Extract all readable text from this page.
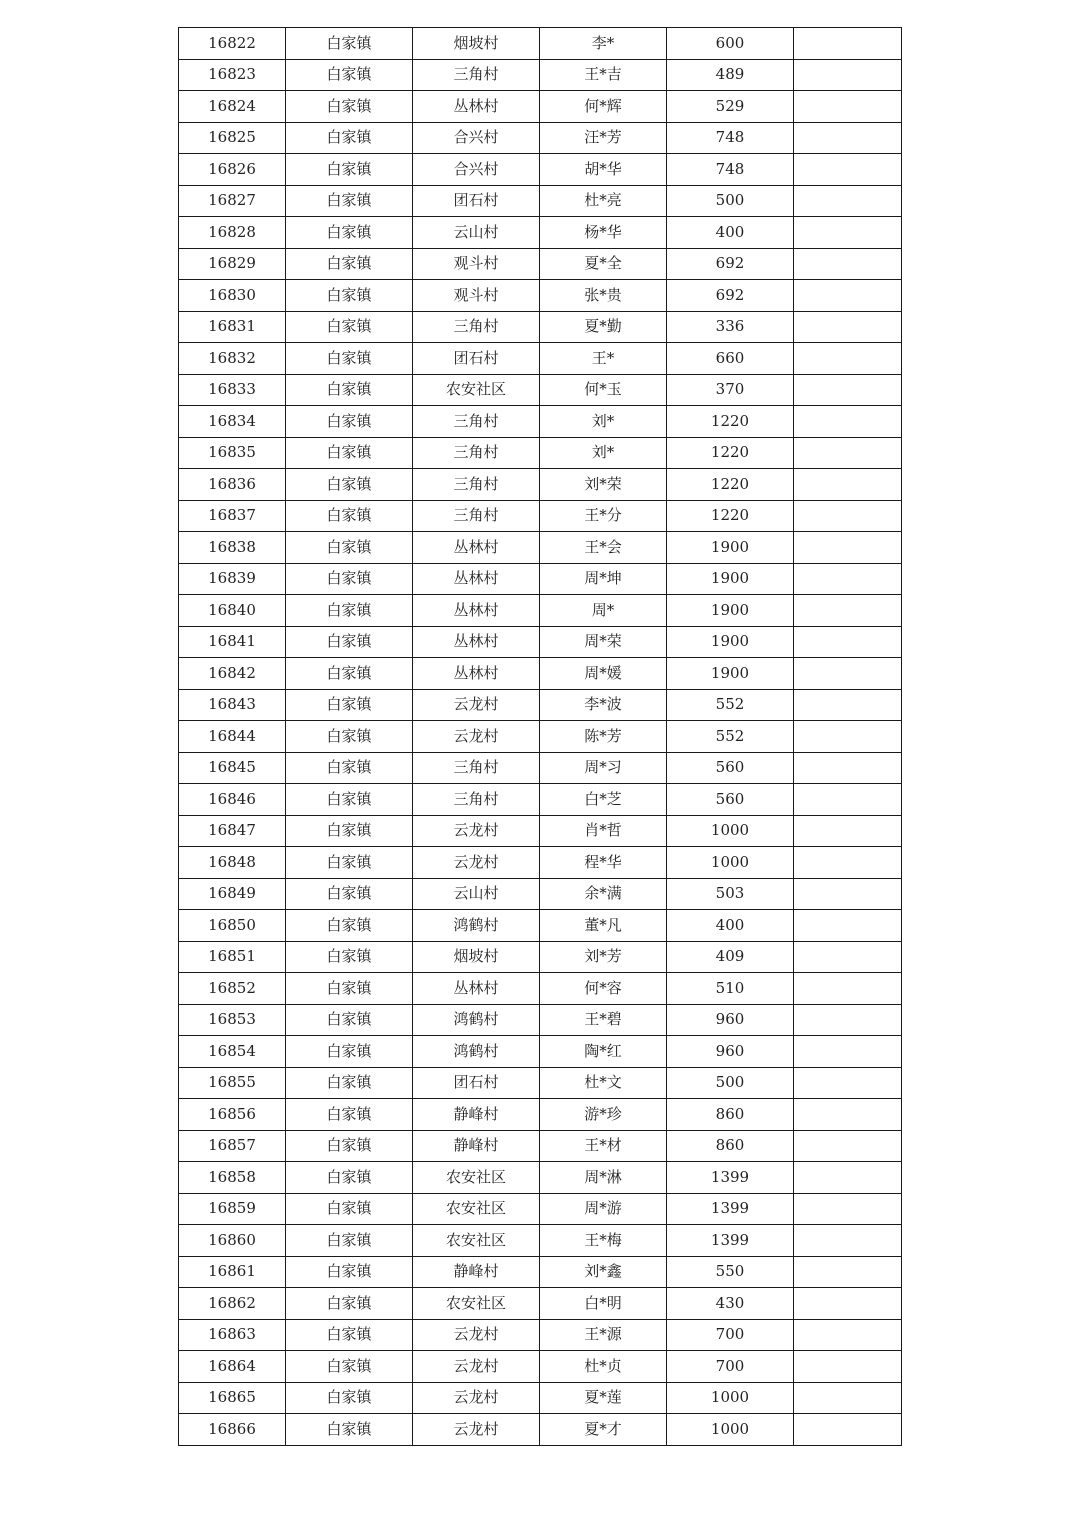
16822	白家镇	烟坡村	李*	600	
16823	白家镇	三角村	王*吉	489	
16824	白家镇	丛林村	何*辉	529	
16825	白家镇	合兴村	汪*芳	748	
16826	白家镇	合兴村	胡*华	748	
16827	白家镇	团石村	杜*亮	500	
16828	白家镇	云山村	杨*华	400	
16829	白家镇	观斗村	夏*全	692	
16830	白家镇	观斗村	张*贵	692	
16831	白家镇	三角村	夏*勤	336	
16832	白家镇	团石村	王*	660	
16833	白家镇	农安社区	何*玉	370	
16834	白家镇	三角村	刘*	1220	
16835	白家镇	三角村	刘*	1220	
16836	白家镇	三角村	刘*荣	1220	
16837	白家镇	三角村	王*分	1220	
16838	白家镇	丛林村	王*会	1900	
16839	白家镇	丛林村	周*坤	1900	
16840	白家镇	丛林村	周*	1900	
16841	白家镇	丛林村	周*荣	1900	
16842	白家镇	丛林村	周*媛	1900	
16843	白家镇	云龙村	李*波	552	
16844	白家镇	云龙村	陈*芳	552	
16845	白家镇	三角村	周*习	560	
16846	白家镇	三角村	白*芝	560	
16847	白家镇	云龙村	肖*哲	1000	
16848	白家镇	云龙村	程*华	1000	
16849	白家镇	云山村	余*满	503	
16850	白家镇	鸿鹤村	董*凡	400	
16851	白家镇	烟坡村	刘*芳	409	
16852	白家镇	丛林村	何*容	510	
16853	白家镇	鸿鹤村	王*碧	960	
16854	白家镇	鸿鹤村	陶*红	960	
16855	白家镇	团石村	杜*文	500	
16856	白家镇	静峰村	游*珍	860	
16857	白家镇	静峰村	王*材	860	
16858	白家镇	农安社区	周*淋	1399	
16859	白家镇	农安社区	周*游	1399	
16860	白家镇	农安社区	王*梅	1399	
16861	白家镇	静峰村	刘*鑫	550	
16862	白家镇	农安社区	白*明	430	
16863	白家镇	云龙村	王*源	700	
16864	白家镇	云龙村	杜*贞	700	
16865	白家镇	云龙村	夏*莲	1000	
16866	白家镇	云龙村	夏*才	1000	
